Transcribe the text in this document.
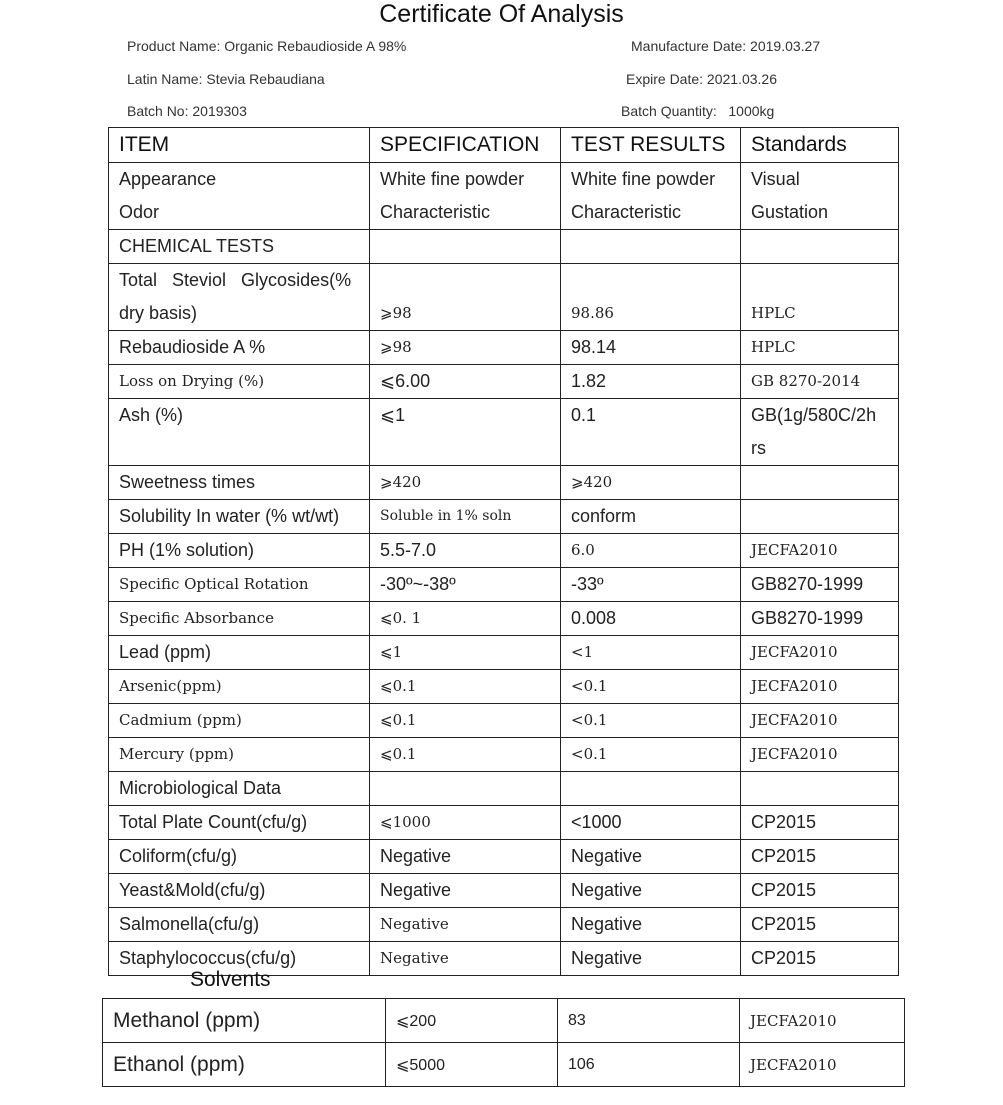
Certificate Of Analysis
Product Name: Organic Rebaudioside A 98%	Manufacture Date: 2019.03.27
Latin Name: Stevia Rebaudiana	Expire Date: 2021.03.26
Batch No: 2019303	Batch Quantity:   1000kg
ITEM	SPECIFICATION	TEST RESULTS	Standards
Appearance	White fine powder	White fine powder	Visual
Odor	Characteristic	Characteristic	Gustation
CHEMICAL TESTS			
Total   Steviol   Glycosides(%
dry basis)	⩾98	98.86	HPLC
Rebaudioside A %	⩾98	98.14	HPLC
Loss on Drying (%)	⩽6.00	1.82	GB 8270-2014
Ash (%)	⩽1	0.1	GB(1g/580C/2h
rs
Sweetness times	⩾420	⩾420	
Solubility In water (% wt/wt)	Soluble in 1% soln	conform	
PH (1% solution)	5.5-7.0	6.0	JECFA2010
Specific Optical Rotation	-30º~-38º	-33º	GB8270-1999
Specific Absorbance	⩽0. 1	0.008	GB8270-1999
Lead (ppm)	⩽1	<1	JECFA2010
Arsenic(ppm)	⩽0.1	<0.1	JECFA2010
Cadmium (ppm)	⩽0.1	<0.1	JECFA2010
Mercury (ppm)	⩽0.1	<0.1	JECFA2010
Microbiological Data			
Total Plate Count(cfu/g)	⩽1000	<1000	CP2015
Coliform(cfu/g)	Negative	Negative	CP2015
Yeast&Mold(cfu/g)	Negative	Negative	CP2015
Salmonella(cfu/g)	Negative	Negative	CP2015
Staphylococcus(cfu/g)	Negative	Negative	CP2015
Solvents
Methanol (ppm)	⩽200	83	JECFA2010
Ethanol (ppm)	⩽5000	106	JECFA2010
